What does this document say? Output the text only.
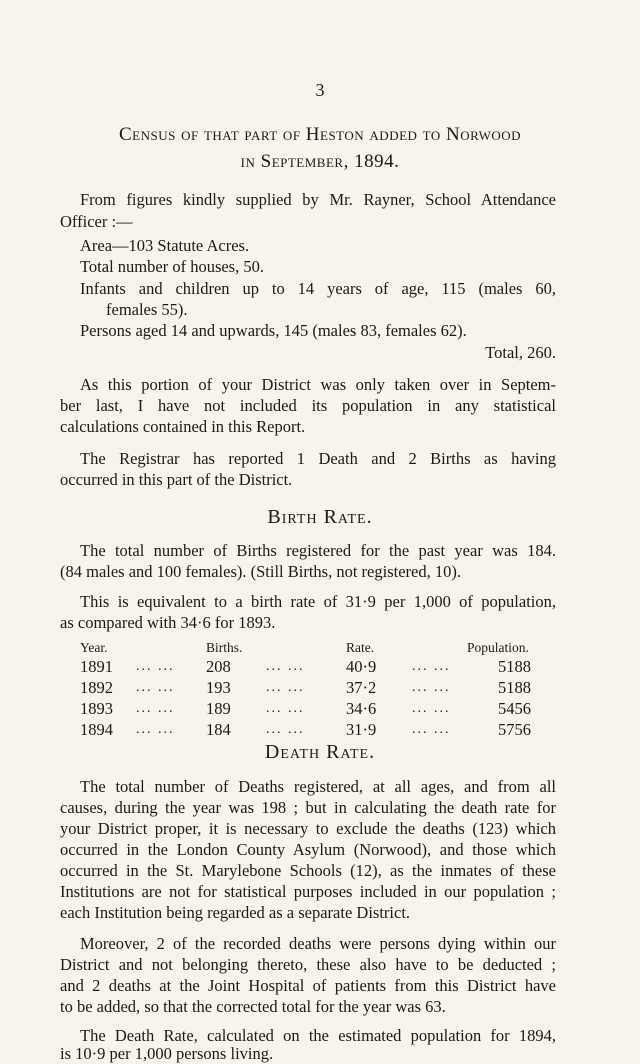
3
Census of that part of Heston added to Norwood
in September, 1894.
From figures kindly supplied by Mr. Rayner, School Attendance
Officer :—
Area—103 Statute Acres.
Total number of houses, 50.
Infants and children up to 14 years of age, 115 (males 60,
females 55).
Persons aged 14 and upwards, 145 (males 83, females 62).
Total, 260.
As this portion of your District was only taken over in Septem-
ber last, I have not included its population in any statistical
calculations contained in this Report.
The Registrar has reported 1 Death and 2 Births as having
occurred in this part of the District.
Birth Rate.
The total number of Births registered for the past year was 184.
(84 males and 100 females). (Still Births, not registered, 10).
This is equivalent to a birth rate of 31·9 per 1,000 of population,
as compared with 34·6 for 1893.
Year.	Births.	Rate.	Population.
1891 ... ... 208	... ...	40·9	... ...	5188
1892 ... ... 193	... ...	37·2	... ...	5188
1893 ... ... 189	... ...	34·6	... ...	5456
1894 ... ... 184	... ...	31·9	... ...	5756
Death Rate.
The total number of Deaths registered, at all ages, and from all
causes, during the year was 198 ; but in calculating the death rate for
your District proper, it is necessary to exclude the deaths (123) which
occurred in the London County Asylum (Norwood), and those which
occurred in the St. Marylebone Schools (12), as the inmates of these
Institutions are not for statistical purposes included in our population ;
each Institution being regarded as a separate District.
Moreover, 2 of the recorded deaths were persons dying within our
District and not belonging thereto, these also have to be deducted ;
and 2 deaths at the Joint Hospital of patients from this District have
to be added, so that the corrected total for the year was 63.
The Death Rate, calculated on the estimated population for 1894,
is 10·9 per 1,000 persons living.
